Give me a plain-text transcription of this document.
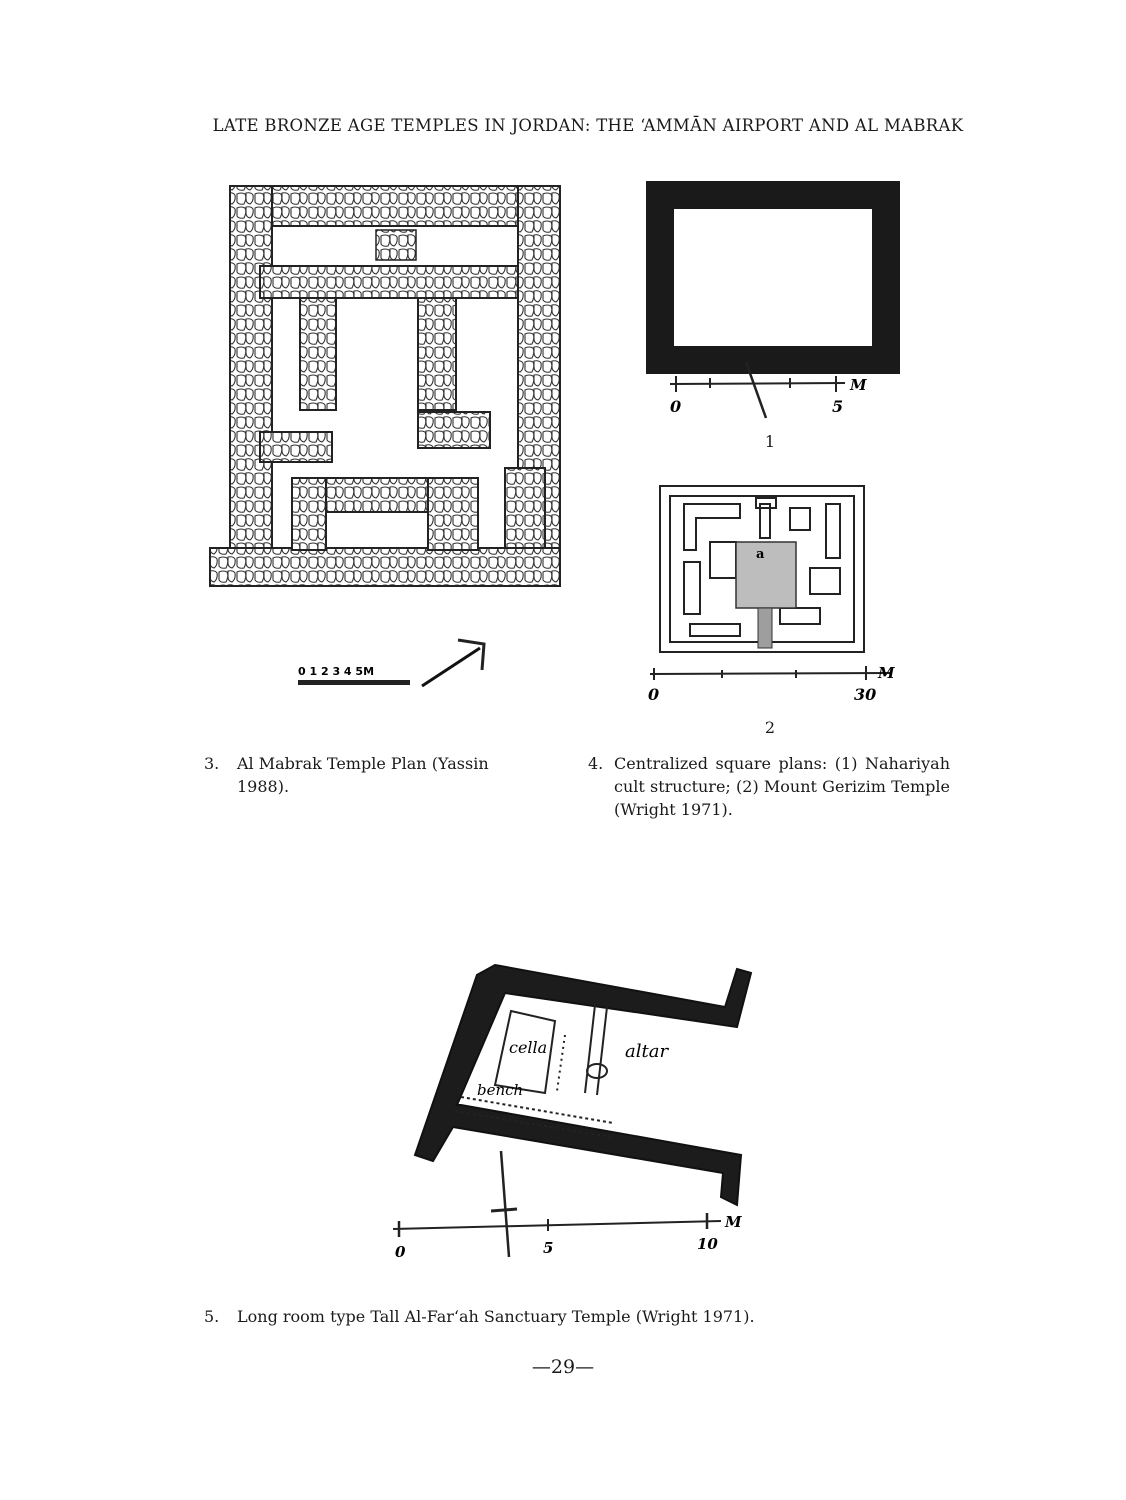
LATE BRONZE AGE TEMPLES IN JORDAN: THE ‘AMMĀN AIRPORT AND AL MABRAK
0 1 2 3 4 5M
0	5
M
1
a
0	30
M
2
3. Al Mabrak Temple Plan (Yassin 1988).
4. Centralized square plans: (1) Nahariyah cult structure; (2) Mount Gerizim Temple (Wright 1971).
cella	altar
bench
0	5	10
M
5. Long room type Tall Al-Far‘ah Sanctuary Temple (Wright 1971).
—29—
